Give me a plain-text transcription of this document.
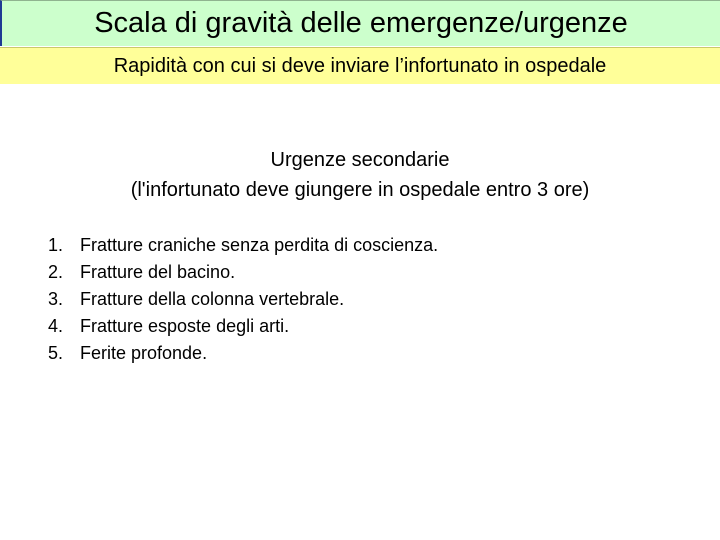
Scala di gravità delle emergenze/urgenze
Rapidità con cui si deve inviare l’infortunato in ospedale
Urgenze secondarie
(l'infortunato deve giungere in ospedale entro 3 ore)
1. Fratture craniche senza perdita di coscienza.
2. Fratture del bacino.
3. Fratture della colonna vertebrale.
4. Fratture esposte degli arti.
5. Ferite profonde.
